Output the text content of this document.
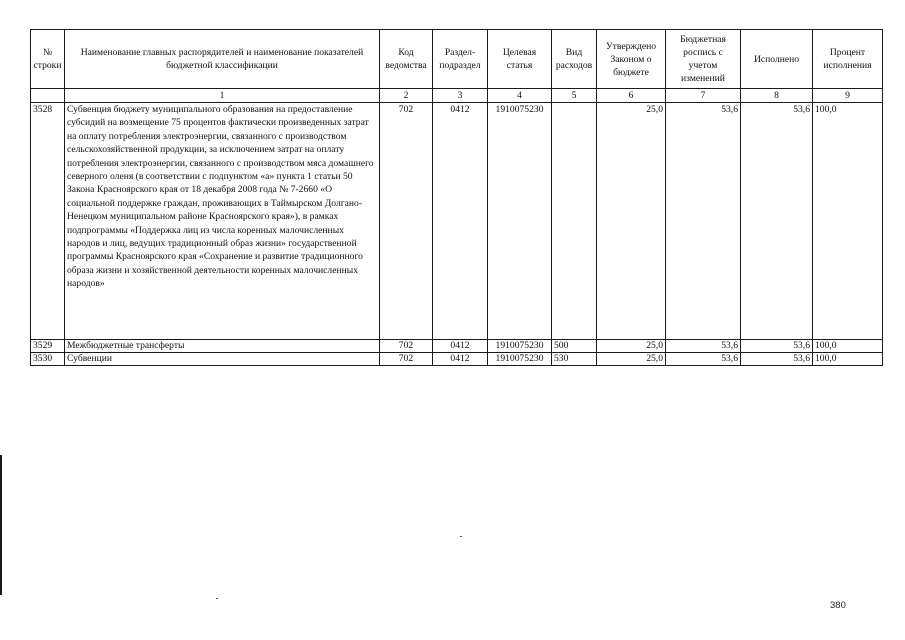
№ строки	Наименование главных распорядителей и наименование показателей бюджетной классификации	Код ведомства	Раздел-подраздел	Целевая статья	Вид расходов	Утверждено Законом о бюджете	Бюджетная роспись с учетом изменений	Исполнено	Процент исполнения
	1	2	3	4	5	6	7	8	9
3528	Субвенция бюджету муниципального образования на предоставление субсидий на возмещение 75 процентов фактически произведенных затрат на оплату потребления электроэнергии, связанного с производством сельскохозяйственной продукции, за исключением затрат на оплату потребления электроэнергии, связанного с производством мяса домашнего северного оленя (в соответствии с подпунктом «а» пункта 1 статьи 50 Закона Красноярского края от 18 декабря 2008 года № 7-2660 «О социальной поддержке граждан, проживающих в Таймырском Долгано-Ненецком муниципальном районе Красноярского края»), в рамках подпрограммы «Поддержка лиц из числа коренных малочисленных народов и лиц, ведущих традиционный образ жизни» государственной программы Красноярского края «Сохранение и развитие традиционного образа жизни и хозяйственной деятельности коренных малочисленных народов»	702	0412	1910075230		25,0	53,6	53,6	100,0
3529	Межбюджетные трансферты	702	0412	1910075230	500	25,0	53,6	53,6	100,0
3530	Субвенции	702	0412	1910075230	530	25,0	53,6	53,6	100,0
380
